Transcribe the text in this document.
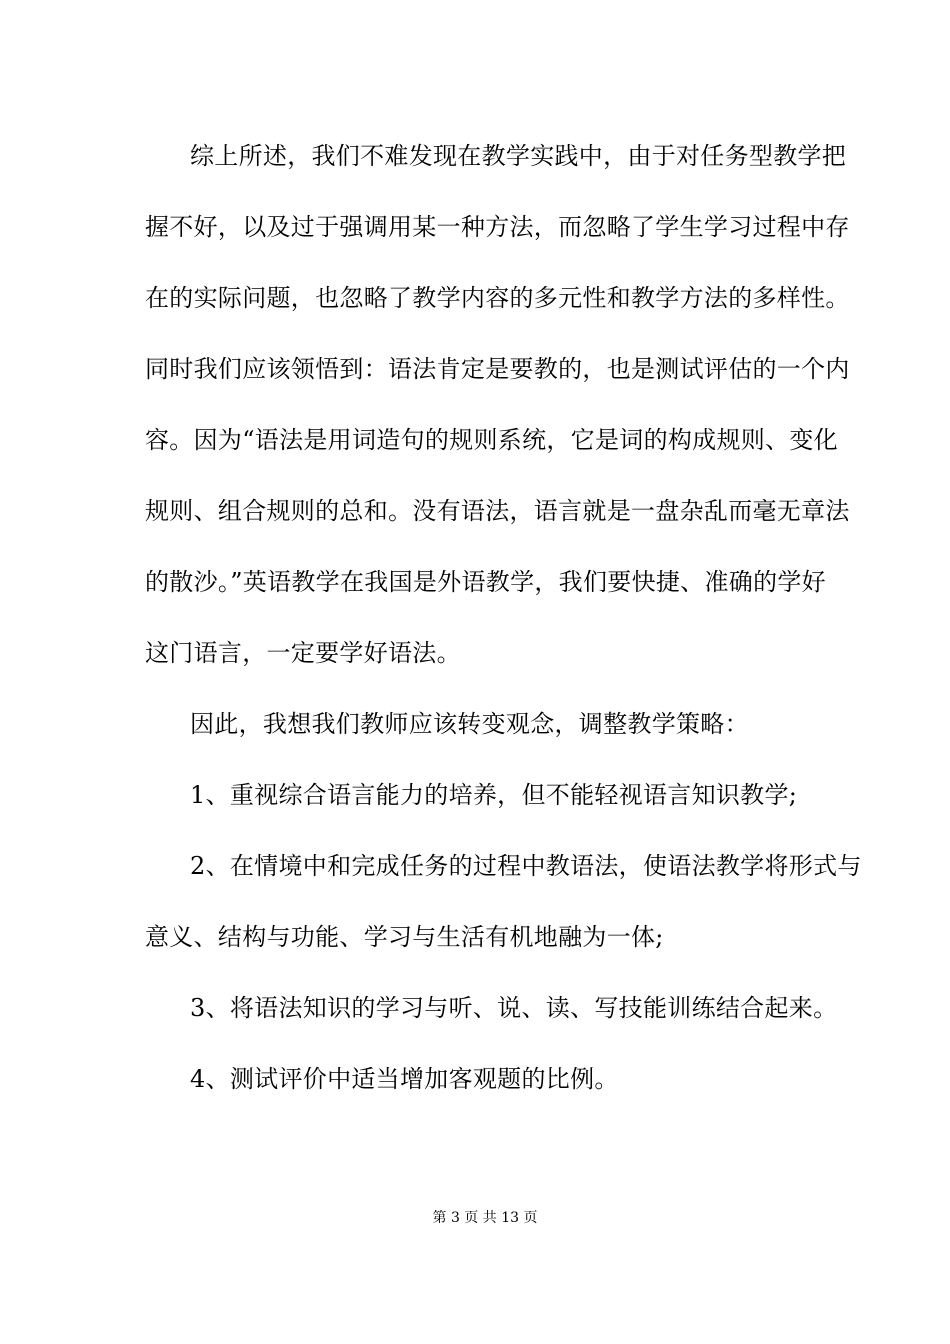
综上所述，我们不难发现在教学实践中，由于对任务型教学把
握不好，以及过于强调用某一种方法，而忽略了学生学习过程中存
在的实际问题，也忽略了教学内容的多元性和教学方法的多样性。
同时我们应该领悟到：语法肯定是要教的，也是测试评估的一个内
容。因为“语法是用词造句的规则系统，它是词的构成规则、变化
规则、组合规则的总和。没有语法，语言就是一盘杂乱而毫无章法
的散沙。”英语教学在我国是外语教学，我们要快捷、准确的学好
这门语言，一定要学好语法。
因此，我想我们教师应该转变观念，调整教学策略：
1、重视综合语言能力的培养，但不能轻视语言知识教学;
2、在情境中和完成任务的过程中教语法，使语法教学将形式与
意义、结构与功能、学习与生活有机地融为一体;
3、将语法知识的学习与听、说、读、写技能训练结合起来。
4、测试评价中适当增加客观题的比例。
第 3 页 共 13 页
